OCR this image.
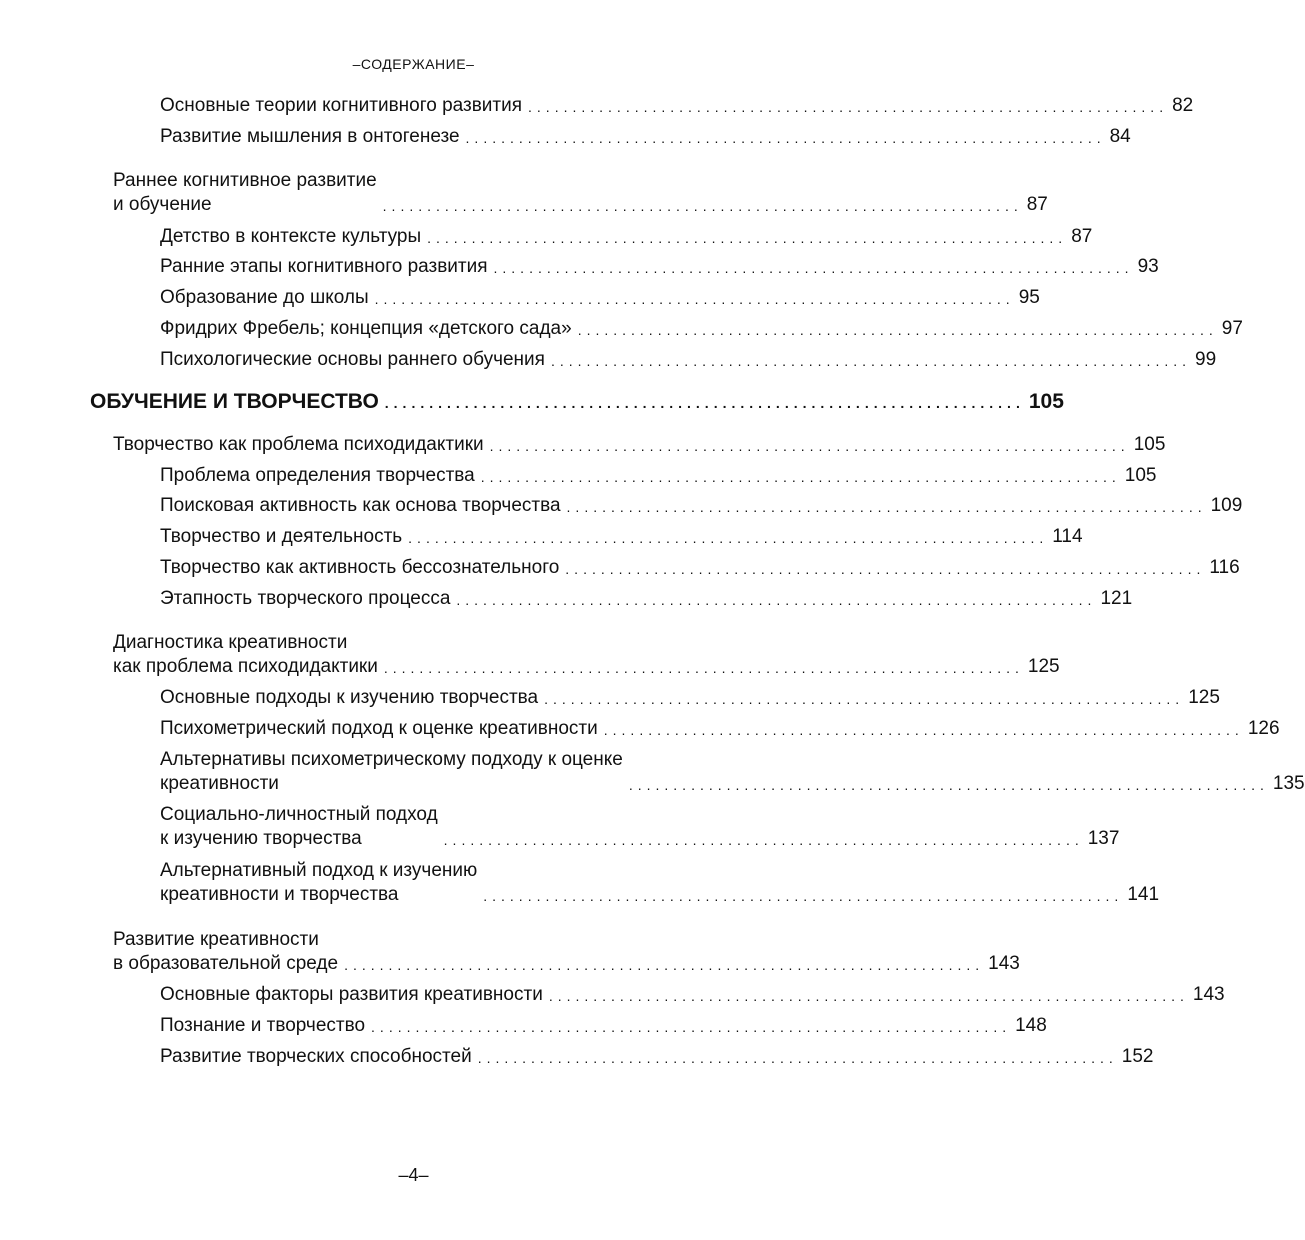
–СОДЕРЖАНИЕ–
Основные теории когнитивного развития ........................................................................ 82
Развитие мышления в онтогенезе ........................................................................ 84
Раннее когнитивное развитие
и обучение	........................................................................ 87
Детство в контексте культуры ........................................................................ 87
Ранние этапы когнитивного развития ........................................................................ 93
Образование до школы ........................................................................ 95
Фридрих Фребель; концепция «детского сада» ........................................................................ 97
Психологические основы раннего обучения ........................................................................ 99
ОБУЧЕНИЕ И ТВОРЧЕСТВО ........................................................................ 105
Творчество как проблема психодидактики ........................................................................ 105
Проблема определения творчества ........................................................................ 105
Поисковая активность как основа творчества ........................................................................ 109
Творчество и деятельность ........................................................................ 114
Творчество как активность бессознательного ........................................................................ 116
Этапность творческого процесса ........................................................................ 121
Диагностика креативности
как проблема психодидактики ........................................................................ 125
Основные подходы к изучению творчества ........................................................................ 125
Психометрический подход к оценке креативности ........................................................................ 126
Альтернативы психометрическому подходу к оценке
креативности	........................................................................ 135
Социально-личностный подход
к изучению творчества	........................................................................ 137
Альтернативный подход к изучению
креативности и творчества	........................................................................ 141
Развитие креативности
в образовательной среде ........................................................................ 143
Основные факторы развития креативности ........................................................................ 143
Познание и творчество ........................................................................ 148
Развитие творческих способностей ........................................................................ 152
–4–
